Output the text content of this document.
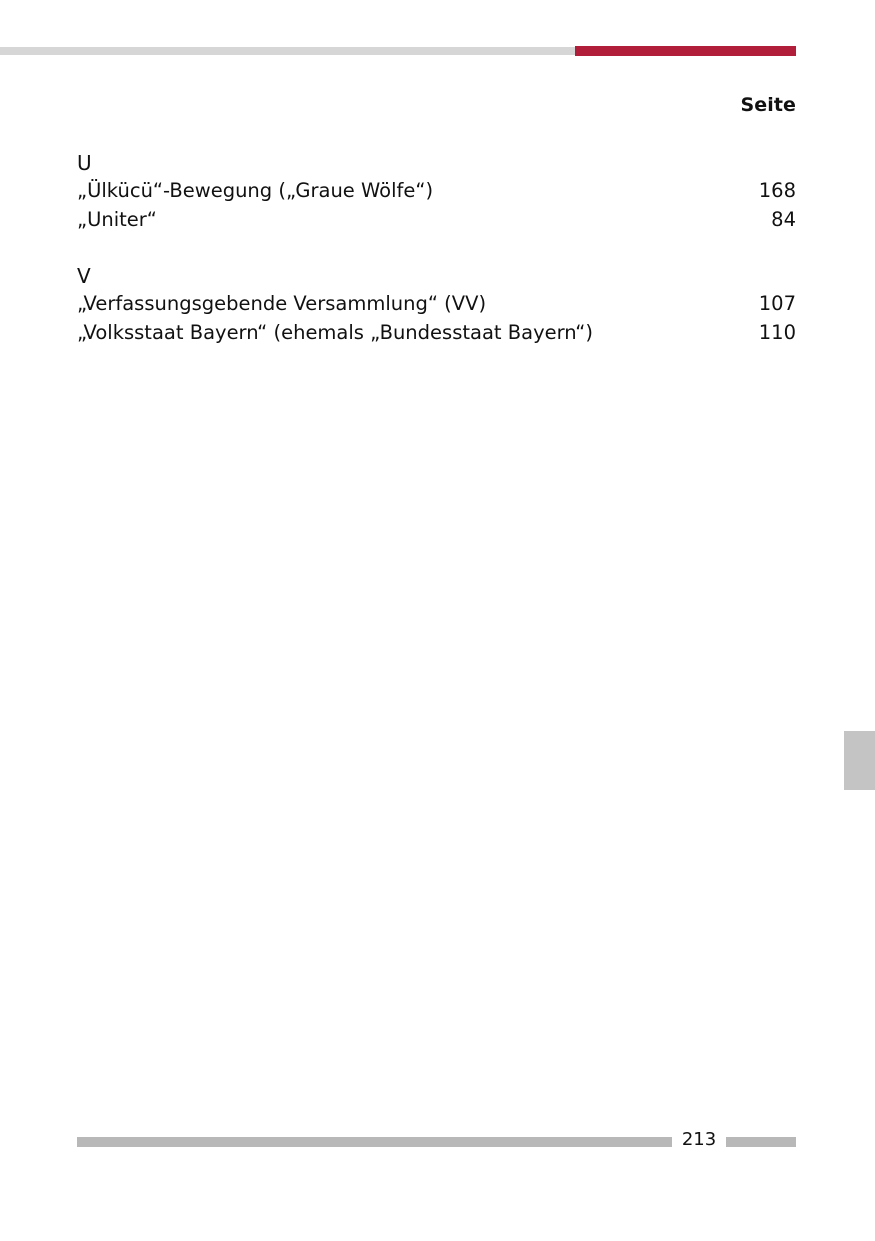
Seite
U
„Ülkücü“-Bewegung („Graue Wölfe“)	168
„Uniter“	84
V
„Verfassungsgebende Versammlung“ (VV)	107
„Volksstaat Bayern“ (ehemals „Bundesstaat Bayern“)	110
213
